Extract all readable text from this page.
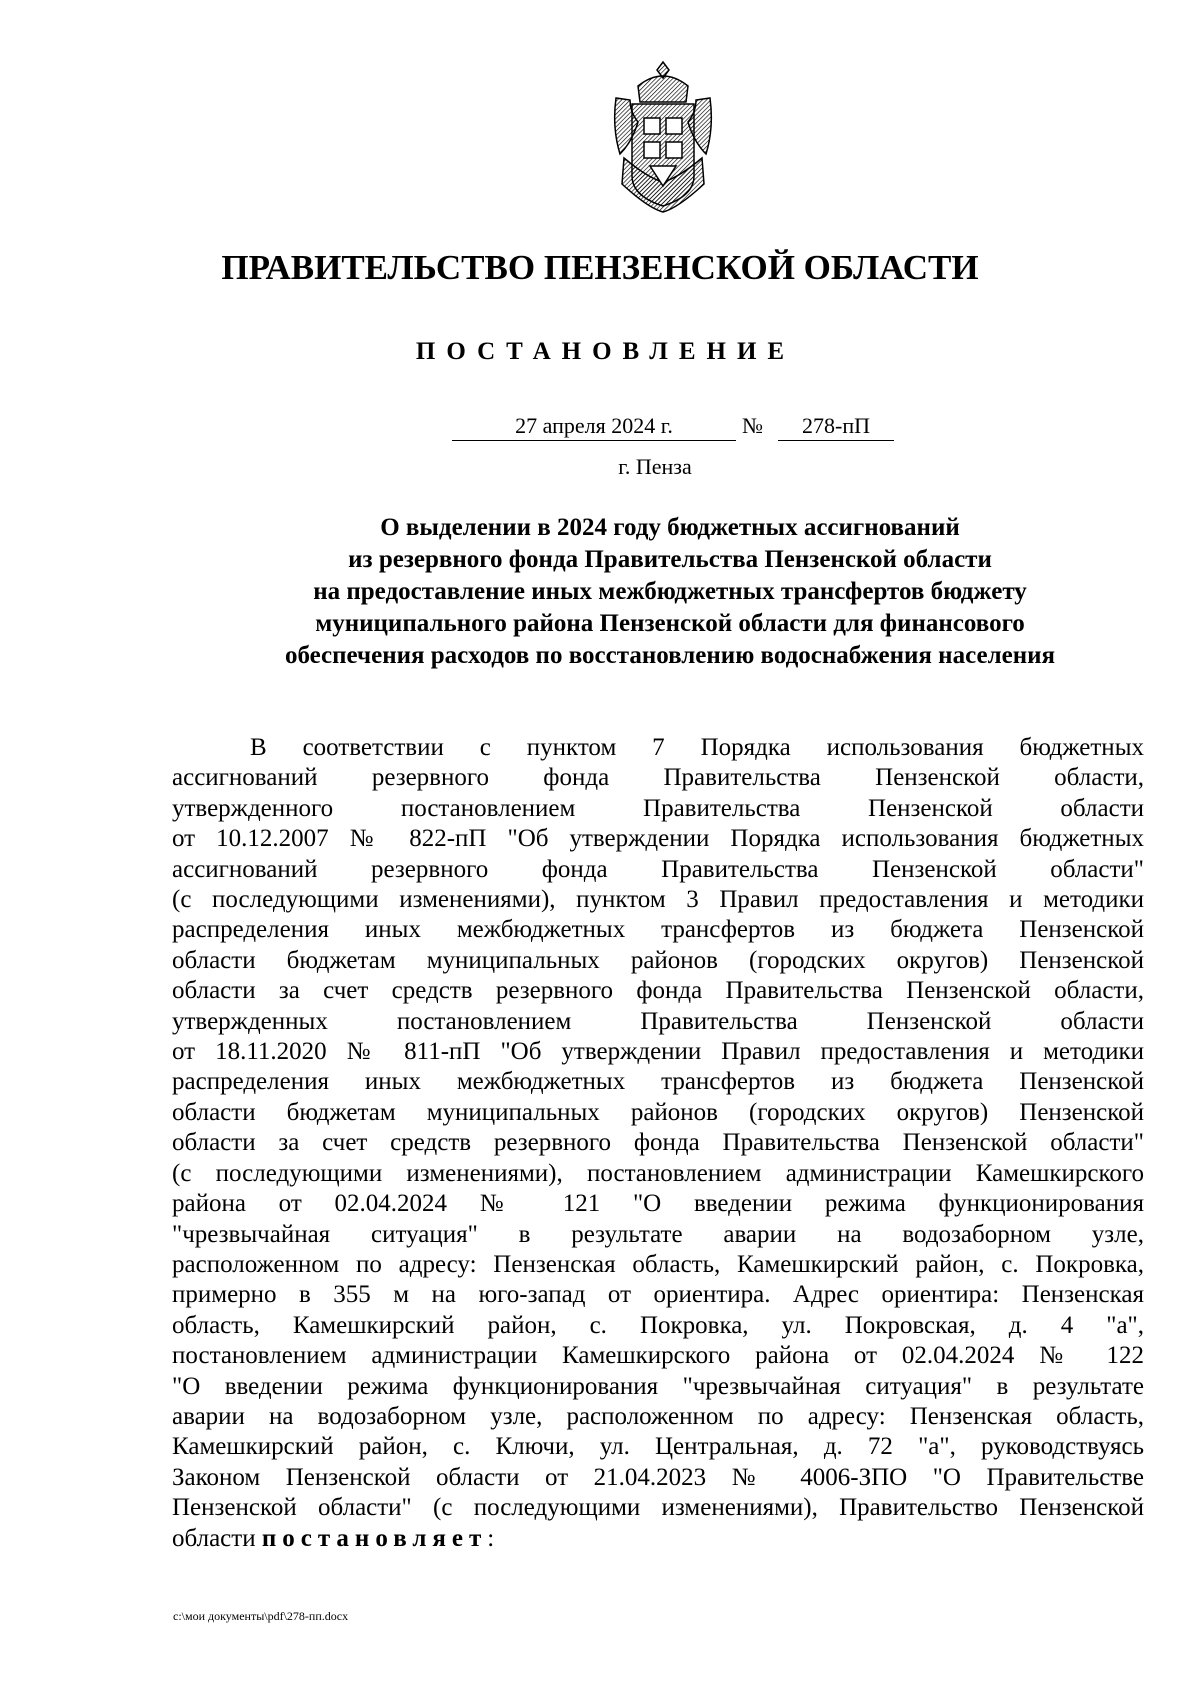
ПРАВИТЕЛЬСТВО ПЕНЗЕНСКОЙ ОБЛАСТИ
ПОСТАНОВЛЕНИЕ
27 апреля 2024 г.	№	278-пП
г. Пенза
О выделении в 2024 году бюджетных ассигнований
из резервного фонда Правительства Пензенской области
на предоставление иных межбюджетных трансфертов бюджету
муниципального района Пензенской области для финансового
обеспечения расходов по восстановлению водоснабжения населения
В соответствии с пунктом 7 Порядка использования бюджетных
ассигнований резервного фонда Правительства Пензенской области,
утвержденного постановлением Правительства Пензенской области
от 10.12.2007 № 822-пП "Об утверждении Порядка использования бюджетных
ассигнований резервного фонда Правительства Пензенской области"
(с последующими изменениями), пунктом 3 Правил предоставления и методики
распределения иных межбюджетных трансфертов из бюджета Пензенской
области бюджетам муниципальных районов (городских округов) Пензенской
области за счет средств резервного фонда Правительства Пензенской области,
утвержденных постановлением Правительства Пензенской области
от 18.11.2020 № 811-пП "Об утверждении Правил предоставления и методики
распределения иных межбюджетных трансфертов из бюджета Пензенской
области бюджетам муниципальных районов (городских округов) Пензенской
области за счет средств резервного фонда Правительства Пензенской области"
(с последующими изменениями), постановлением администрации Камешкирского
района от 02.04.2024 № 121 "О введении режима функционирования
"чрезвычайная ситуация" в результате аварии на водозаборном узле,
расположенном по адресу: Пензенская область, Камешкирский район, с. Покровка,
примерно в 355 м на юго-запад от ориентира. Адрес ориентира: Пензенская
область, Камешкирский район, с. Покровка, ул. Покровская, д. 4 "а",
постановлением администрации Камешкирского района от 02.04.2024 № 122
"О введении режима функционирования "чрезвычайная ситуация" в результате
аварии на водозаборном узле, расположенном по адресу: Пензенская область,
Камешкирский район, с. Ключи, ул. Центральная, д. 72 "а", руководствуясь
Законом Пензенской области от 21.04.2023 № 4006-ЗПО "О Правительстве
Пензенской области" (с последующими изменениями), Правительство Пензенской
области постановляет:
c:\мои документы\pdf\278-пп.docx
